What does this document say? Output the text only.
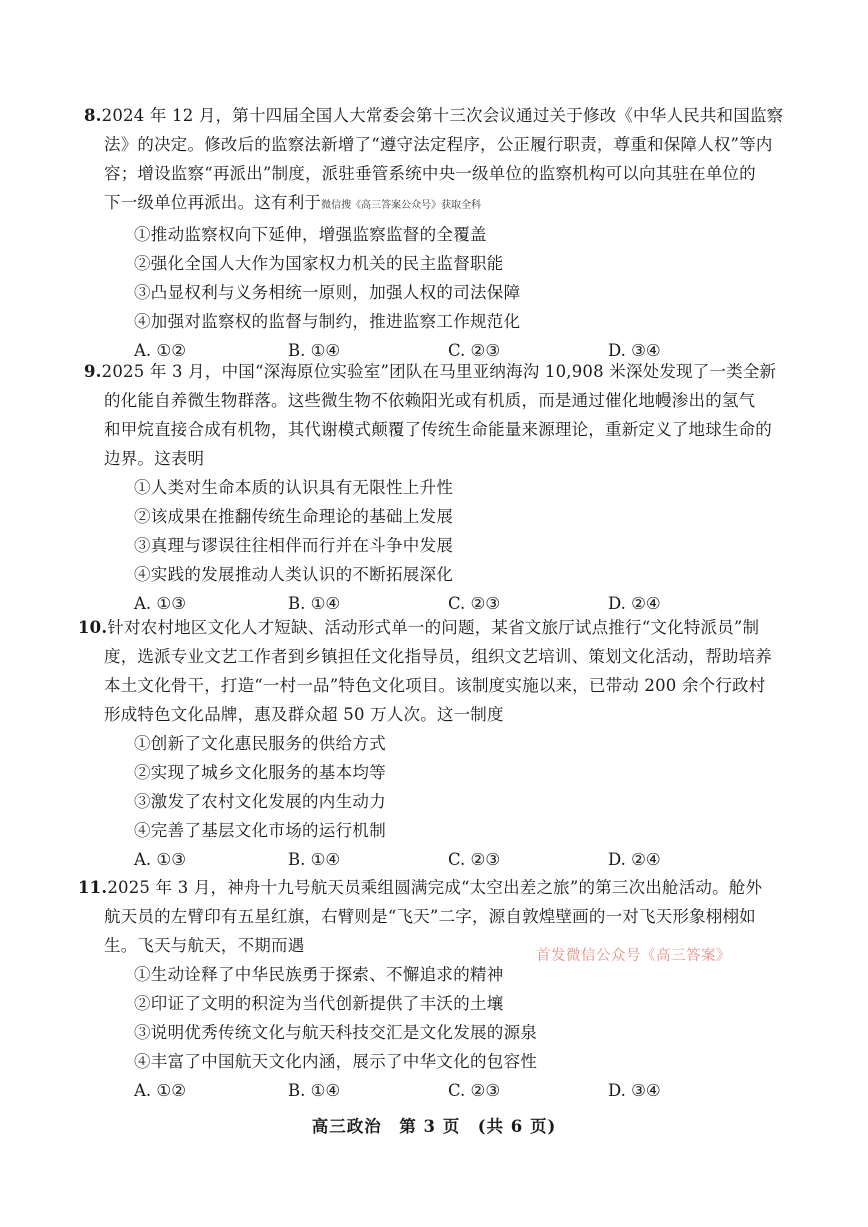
8.2024 年 12 月，第十四届全国人大常委会第十三次会议通过关于修改《中华人民共和国监察
法》的决定。修改后的监察法新增了“遵守法定程序，公正履行职责，尊重和保障人权”等内
容；增设监察“再派出”制度，派驻垂管系统中央一级单位的监察机构可以向其驻在单位的
下一级单位再派出。这有利于微信搜《高三答案公众号》获取全科

①推动监察权向下延伸，增强监察监督的全覆盖

②强化全国人大作为国家权力机关的民主监督职能

③凸显权利与义务相统一原则，加强人权的司法保障

④加强对监察权的监督与制约，推进监察工作规范化

A. ①②	B. ①④	C. ②③	D. ③④

9.2025 年 3 月，中国“深海原位实验室”团队在马里亚纳海沟 10,908 米深处发现了一类全新
的化能自养微生物群落。这些微生物不依赖阳光或有机质，而是通过催化地幔渗出的氢气
和甲烷直接合成有机物，其代谢模式颠覆了传统生命能量来源理论，重新定义了地球生命的
边界。这表明

①人类对生命本质的认识具有无限性上升性

②该成果在推翻传统生命理论的基础上发展

③真理与谬误往往相伴而行并在斗争中发展

④实践的发展推动人类认识的不断拓展深化

A. ①③	B. ①④	C. ②③	D. ②④

10.针对农村地区文化人才短缺、活动形式单一的问题，某省文旅厅试点推行“文化特派员”制
度，选派专业文艺工作者到乡镇担任文化指导员，组织文艺培训、策划文化活动，帮助培养
本土文化骨干，打造“一村一品”特色文化项目。该制度实施以来，已带动 200 余个行政村
形成特色文化品牌，惠及群众超 50 万人次。这一制度

①创新了文化惠民服务的供给方式

②实现了城乡文化服务的基本均等

③激发了农村文化发展的内生动力

④完善了基层文化市场的运行机制

A. ①③	B. ①④	C. ②③	D. ②④

11.2025 年 3 月，神舟十九号航天员乘组圆满完成“太空出差之旅”的第三次出舱活动。舱外
航天员的左臂印有五星红旗，右臂则是“飞天”二字，源自敦煌壁画的一对飞天形象栩栩如
生。飞天与航天，不期而遇

①生动诠释了中华民族勇于探索、不懈追求的精神

②印证了文明的积淀为当代创新提供了丰沃的土壤

③说明优秀传统文化与航天科技交汇是文化发展的源泉

④丰富了中国航天文化内涵，展示了中华文化的包容性

A. ①②	B. ①④	C. ②③	D. ③④
首发微信公众号《高三答案》
高三政治　第 3 页　(共 6 页)
